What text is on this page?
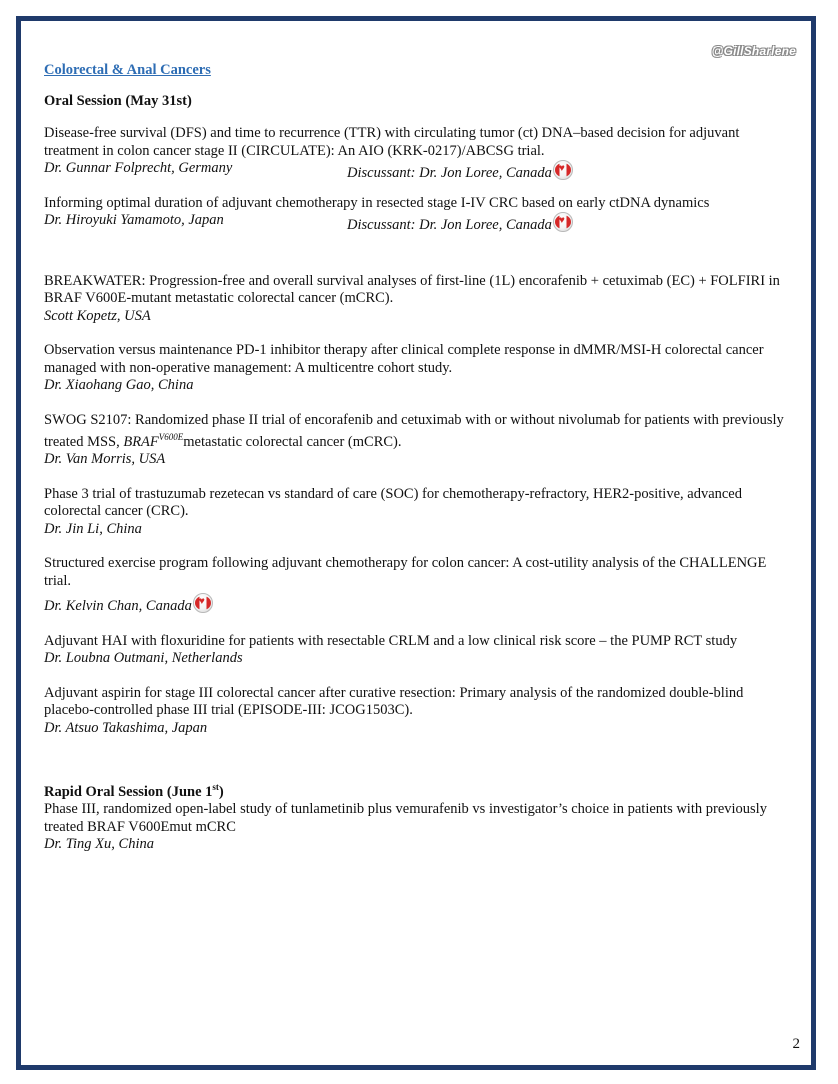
@GillSharlene
Colorectal & Anal Cancers
Oral Session (May 31st)
Disease-free survival (DFS) and time to recurrence (TTR) with circulating tumor (ct) DNA–based decision for adjuvant treatment in colon cancer stage II (CIRCULATE): An AIO (KRK-0217)/ABCSG trial.
Dr. Gunnar Folprecht, Germany	Discussant: Dr. Jon Loree, Canada♥
Informing optimal duration of adjuvant chemotherapy in resected stage I-IV CRC based on early ctDNA dynamics
Dr. Hiroyuki Yamamoto, Japan	Discussant: Dr. Jon Loree, Canada♥
BREAKWATER: Progression-free and overall survival analyses of first-line (1L) encorafenib + cetuximab (EC) + FOLFIRI in BRAF V600E-mutant metastatic colorectal cancer (mCRC).
Scott Kopetz, USA
Observation versus maintenance PD-1 inhibitor therapy after clinical complete response in dMMR/MSI-H colorectal cancer managed with non-operative management: A multicentre cohort study.
Dr. Xiaohang Gao, China
SWOG S2107: Randomized phase II trial of encorafenib and cetuximab with or without nivolumab for patients with previously treated MSS, $BRAF^{V600E}metastatic$ colorectal cancer (mCRC).
Dr. Van Morris, USA
Phase 3 trial of trastuzumab rezetecan vs standard of care (SOC) for chemotherapy-refractory, HER2-positive, advanced colorectal cancer (CRC).
Dr. Jin Li, China
Structured exercise program following adjuvant chemotherapy for colon cancer: A cost-utility analysis of the CHALLENGE trial.
Dr. Kelvin Chan, Canada♥
Adjuvant HAI with floxuridine for patients with resectable CRLM and a low clinical risk score – the PUMP RCT study
Dr. Loubna Outmani, Netherlands
Adjuvant aspirin for stage III colorectal cancer after curative resection: Primary analysis of the randomized double-blind placebo-controlled phase III trial (EPISODE-III: JCOG1503C).
Dr. Atsuo Takashima, Japan
Rapid Oral Session (June 1st)
Phase III, randomized open-label study of tunlametinib plus vemurafenib vs investigator’s choice in patients with previously treated BRAF V600Emut mCRC
Dr. Ting Xu, China
2
